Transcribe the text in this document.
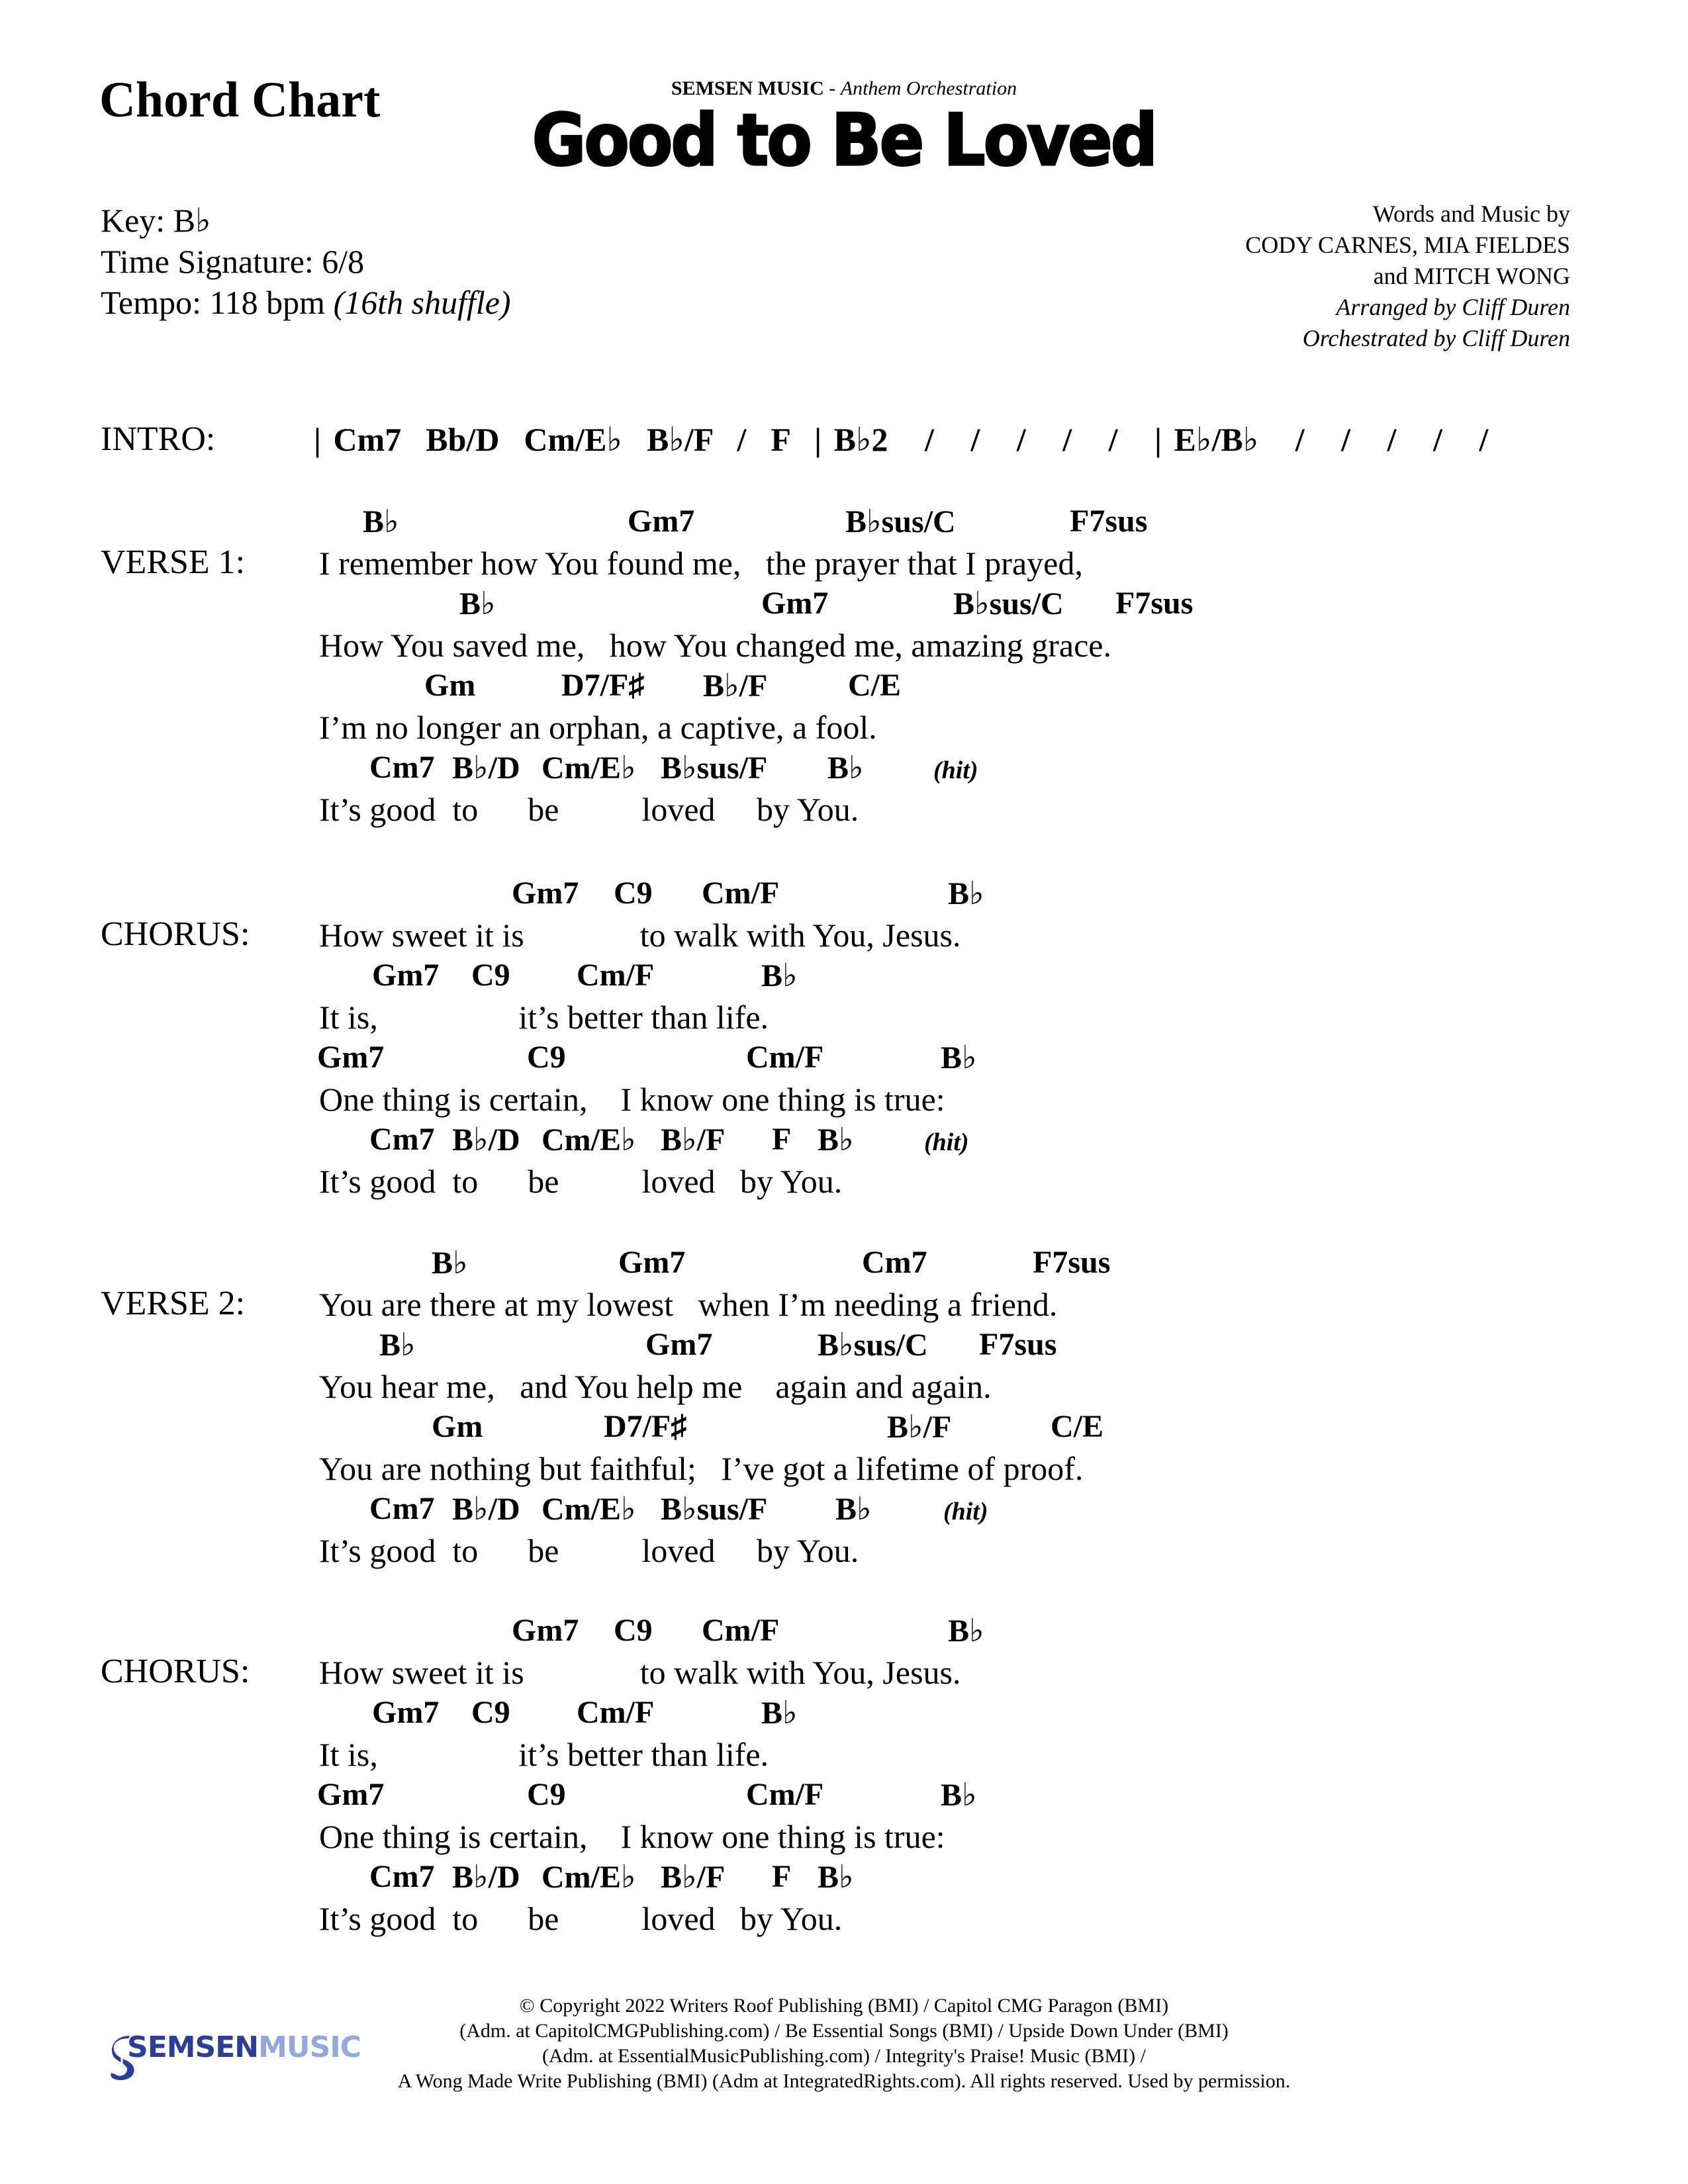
Chord Chart	SEMSEN MUSIC - Anthem Orchestration
Good to Be Loved
Key: B♭
Time Signature: 6/8
Tempo: 118 bpm (16th shuffle)
Words and Music by
CODY CARNES, MIA FIELDES
and MITCH WONG
Arranged by Cliff Duren
Orchestrated by Cliff Duren
INTRO:	| Cm7  Bb/D  Cm/E♭  B♭/F  /  F  | B♭2   /   /   /   /   /   | E♭/B♭   /   /   /   /   /
VERSE 1:
B♭	Gm7	B♭sus/C	F7sus
I remember how You found me,   the prayer that I prayed,
B♭	Gm7	B♭sus/C F7sus
How You saved me,   how You changed me, amazing grace.
Gm	D7/F♯ B♭/F	C/E
I’m no longer an orphan, a captive, a fool.
Cm7 B♭/D Cm/E♭ B♭sus/F B♭	(hit)
It’s good  to      be          loved     by You.
CHORUS:
Gm7 C9 Cm/F	B♭
How sweet it is              to walk with You, Jesus.
Gm7 C9 Cm/F	B♭
It is,                 it’s better than life.
Gm7	C9	Cm/F	B♭
One thing is certain,    I know one thing is true:
Cm7 B♭/D Cm/E♭ B♭/F F B♭	(hit)
It’s good  to      be          loved   by You.
VERSE 2:
B♭	Gm7	Cm7	F7sus
You are there at my lowest   when I’m needing a friend.
B♭	Gm7	B♭sus/C F7sus
You hear me,   and You help me    again and again.
Gm	D7/F♯	B♭/F	C/E
You are nothing but faithful;   I’ve got a lifetime of proof.
Cm7 B♭/D Cm/E♭ B♭sus/F B♭	(hit)
It’s good  to      be          loved     by You.
CHORUS:
Gm7 C9 Cm/F	B♭
How sweet it is              to walk with You, Jesus.
Gm7 C9 Cm/F	B♭
It is,                 it’s better than life.
Gm7	C9	Cm/F	B♭
One thing is certain,    I know one thing is true:
Cm7 B♭/D Cm/E♭ B♭/F F B♭
It’s good  to      be          loved   by You.

SEMSEN MUSIC
© Copyright 2022 Writers Roof Publishing (BMI) / Capitol CMG Paragon (BMI)
(Adm. at CapitolCMGPublishing.com) / Be Essential Songs (BMI) / Upside Down Under (BMI)
(Adm. at EssentialMusicPublishing.com) / Integrity's Praise! Music (BMI) /
A Wong Made Write Publishing (BMI) (Adm at IntegratedRights.com). All rights reserved. Used by permission.
